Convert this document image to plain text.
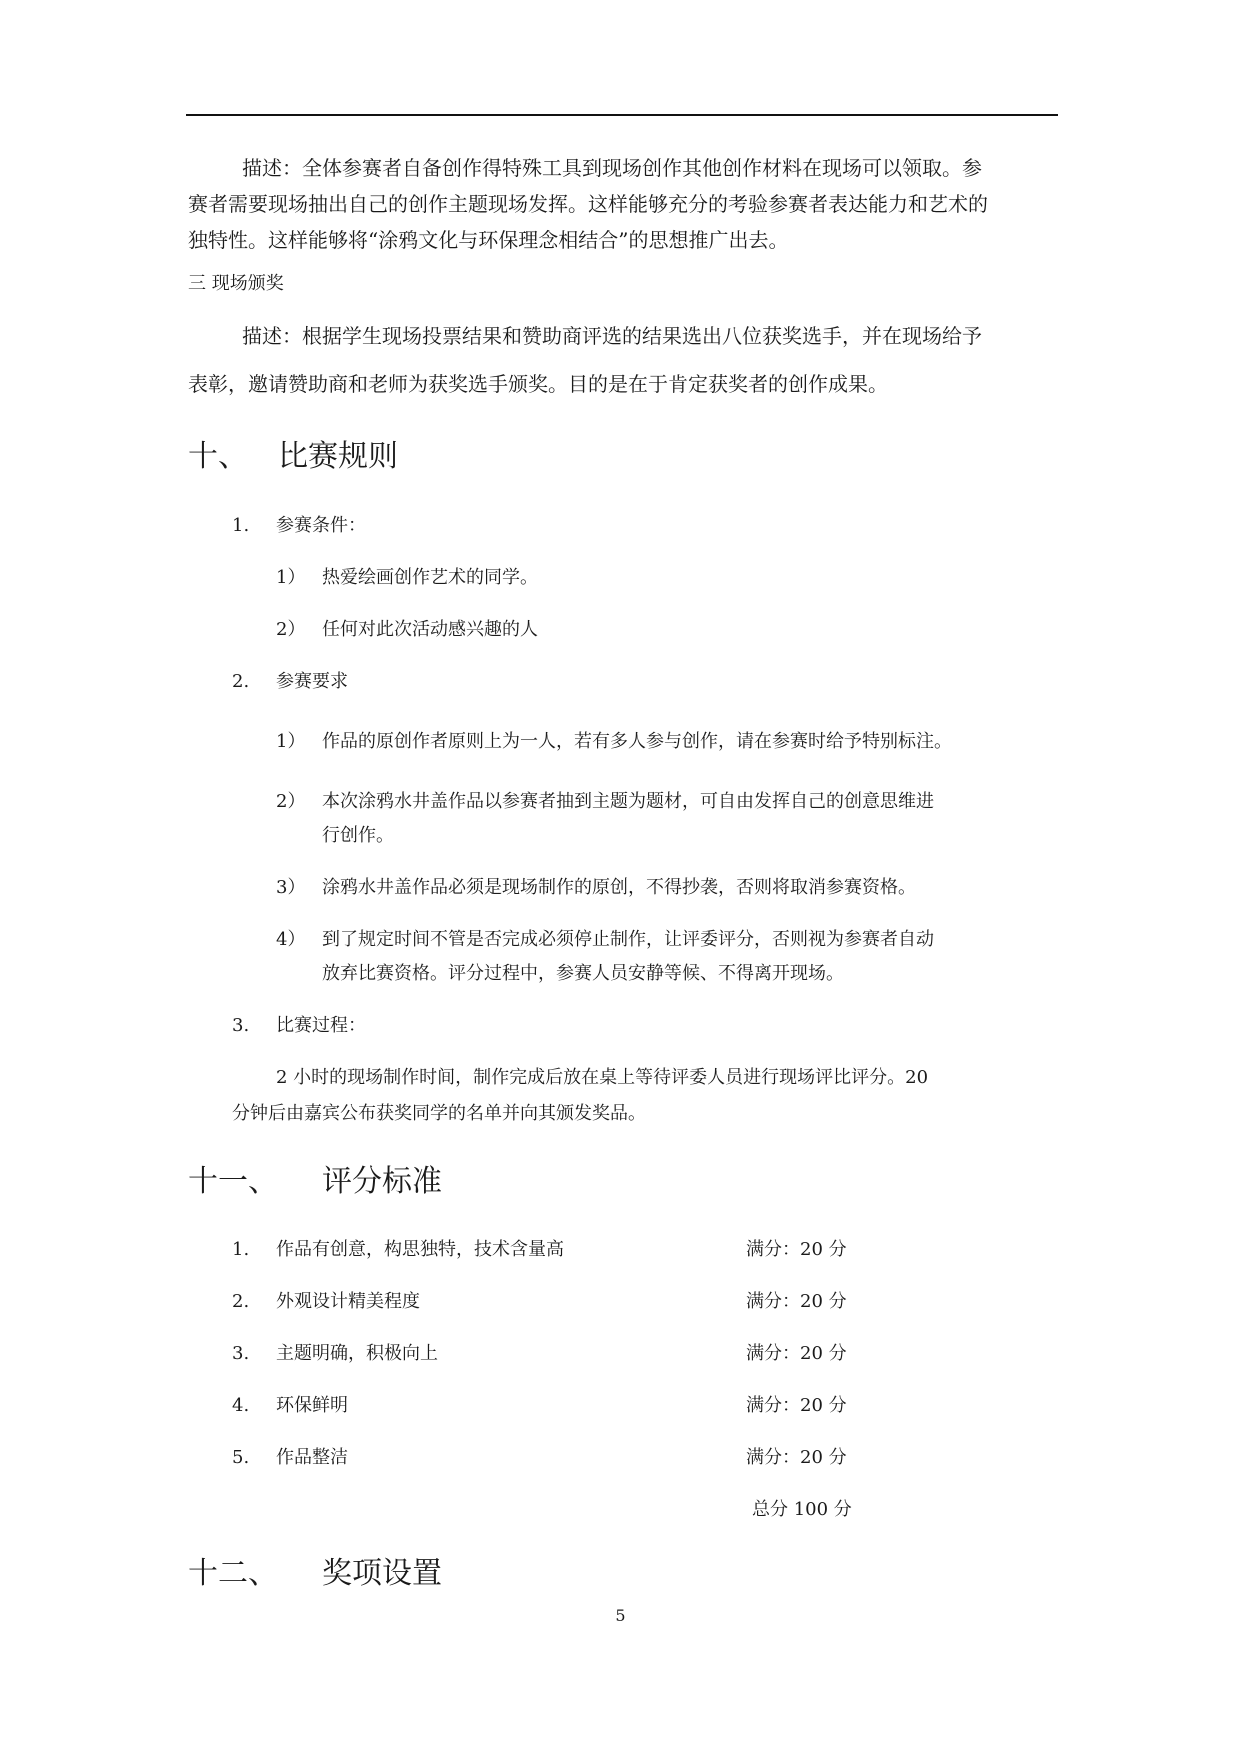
描述：全体参赛者自备创作得特殊工具到现场创作其他创作材料在现场可以领取。参
赛者需要现场抽出自己的创作主题现场发挥。这样能够充分的考验参赛者表达能力和艺术的
独特性。这样能够将“涂鸦文化与环保理念相结合”的思想推广出去。
三 现场颁奖
描述：根据学生现场投票结果和赞助商评选的结果选出八位获奖选手，并在现场给予
表彰，邀请赞助商和老师为获奖选手颁奖。目的是在于肯定获奖者的创作成果。
十、 比赛规则
1. 参赛条件：
1） 热爱绘画创作艺术的同学。
2） 任何对此次活动感兴趣的人
2. 参赛要求
1） 作品的原创作者原则上为一人，若有多人参与创作，请在参赛时给予特别标注。
2） 本次涂鸦水井盖作品以参赛者抽到主题为题材，可自由发挥自己的创意思维进
行创作。
3） 涂鸦水井盖作品必须是现场制作的原创，不得抄袭，否则将取消参赛资格。
4） 到了规定时间不管是否完成必须停止制作，让评委评分，否则视为参赛者自动
放弃比赛资格。评分过程中，参赛人员安静等候、不得离开现场。
3. 比赛过程：
2 小时的现场制作时间，制作完成后放在桌上等待评委人员进行现场评比评分。20
分钟后由嘉宾公布获奖同学的名单并向其颁发奖品。
十一、 评分标准
1. 作品有创意，构思独特，技术含量高	满分：20 分
2. 外观设计精美程度	满分：20 分
3. 主题明确，积极向上	满分：20 分
4. 环保鲜明	满分：20 分
5. 作品整洁	满分：20 分
总分 100 分
十二、 奖项设置
5
